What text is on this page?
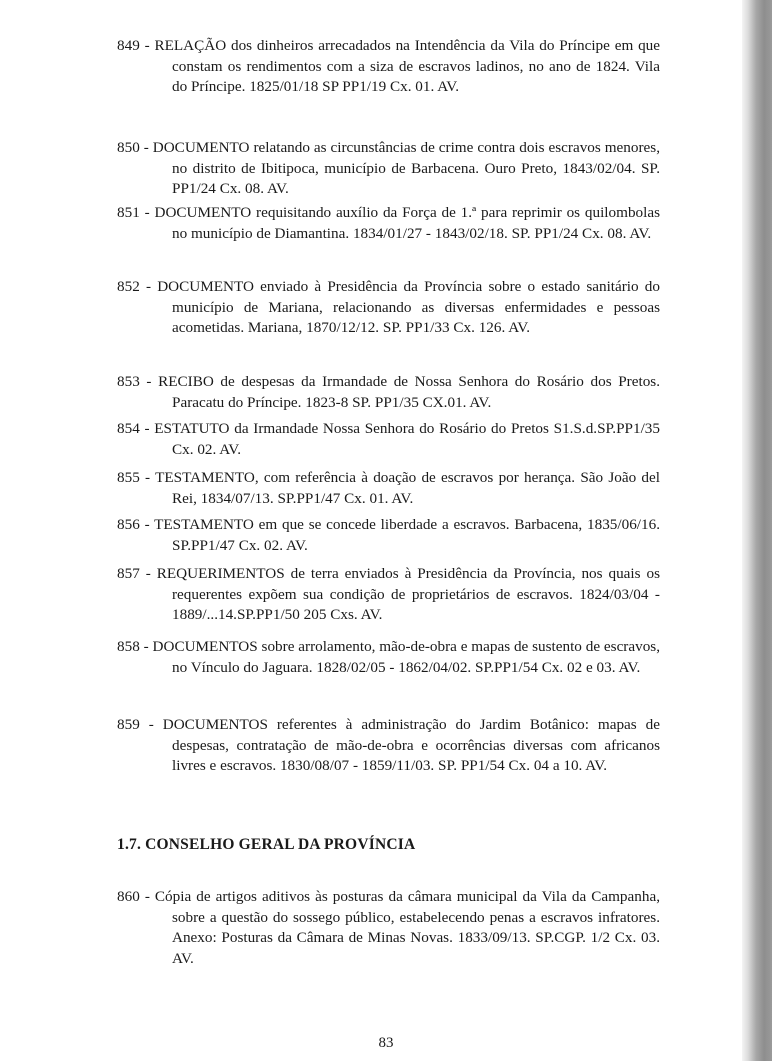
849 - RELAÇÃO dos dinheiros arrecadados na Intendência da Vila do Príncipe em que constam os rendimentos com a siza de escravos ladinos, no ano de 1824. Vila do Príncipe. 1825/01/18 SP PP1/19 Cx. 01. AV.

850 - DOCUMENTO relatando as circunstâncias de crime contra dois escravos menores, no distrito de Ibitipoca, município de Barbacena. Ouro Preto, 1843/02/04. SP. PP1/24 Cx. 08. AV.

851 - DOCUMENTO requisitando auxílio da Força de 1.ª para reprimir os quilombolas no município de Diamantina. 1834/01/27 - 1843/02/18. SP. PP1/24 Cx. 08. AV.

852 - DOCUMENTO enviado à Presidência da Província sobre o estado sanitário do município de Mariana, relacionando as diversas enfermidades e pessoas acometidas. Mariana, 1870/12/12. SP. PP1/33 Cx. 126. AV.

853 - RECIBO de despesas da Irmandade de Nossa Senhora do Rosário dos Pretos. Paracatu do Príncipe. 1823-8 SP. PP1/35 CX.01. AV.

854 - ESTATUTO da Irmandade Nossa Senhora do Rosário do Pretos S1.S.d.SP.PP1/35 Cx. 02. AV.

855 - TESTAMENTO, com referência à doação de escravos por herança. São João del Rei, 1834/07/13. SP.PP1/47 Cx. 01. AV.

856 - TESTAMENTO em que se concede liberdade a escravos. Barbacena, 1835/06/16. SP.PP1/47 Cx. 02. AV.

857 - REQUERIMENTOS de terra enviados à Presidência da Província, nos quais os requerentes expõem sua condição de proprietários de escravos. 1824/03/04 - 1889/...14.SP.PP1/50 205 Cxs. AV.

858 - DOCUMENTOS sobre arrolamento, mão-de-obra e mapas de sustento de escravos, no Vínculo do Jaguara. 1828/02/05 - 1862/04/02. SP.PP1/54 Cx. 02 e 03. AV.

859 - DOCUMENTOS referentes à administração do Jardim Botânico: mapas de despesas, contratação de mão-de-obra e ocorrências diversas com africanos livres e escravos. 1830/08/07 - 1859/11/03. SP. PP1/54 Cx. 04 a 10. AV.

1.7. CONSELHO GERAL DA PROVÍNCIA

860 - Cópia de artigos aditivos às posturas da câmara municipal da Vila da Campanha, sobre a questão do sossego público, estabelecendo penas a escravos infratores. Anexo: Posturas da Câmara de Minas Novas. 1833/09/13. SP.CGP. 1/2 Cx. 03. AV.

83
